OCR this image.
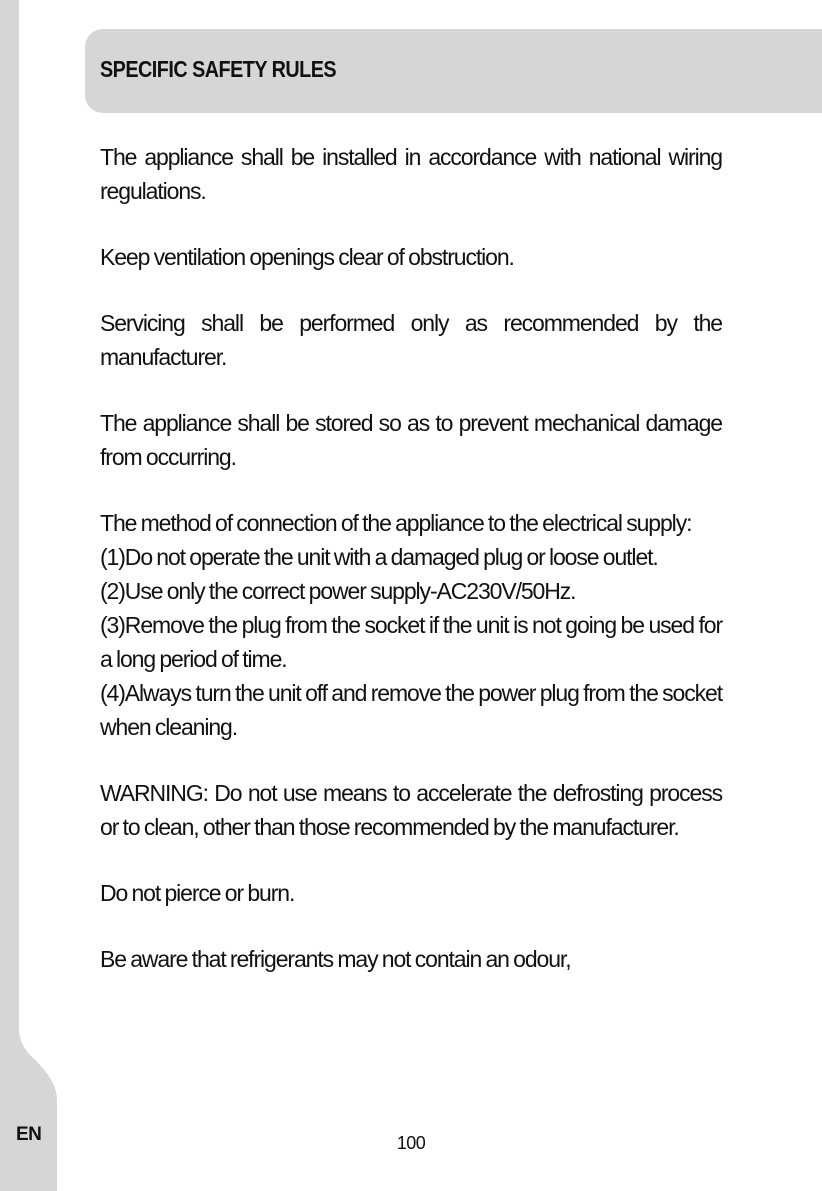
SPECIFIC SAFETY RULES

The appliance shall be installed in accordance with national wiring regulations.

Keep ventilation openings clear of obstruction.

Servicing shall be performed only as recommended by the manufacturer.

The appliance shall be stored so as to prevent mechanical damage from occurring.

The method of connection of the appliance to the electrical supply:
(1)Do not operate the unit with a damaged plug or loose outlet.
(2)Use only the correct power supply-AC230V/50Hz.
(3)Remove the plug from the socket if the unit is not going be used for a long period of time.
(4)Always turn the unit off and remove the power plug from the socket when cleaning.

WARNING: Do not use means to accelerate the defrosting process or to clean, other than those recommended by the manufacturer.

Do not pierce or burn.

Be aware that refrigerants may not contain an odour,

EN	100
